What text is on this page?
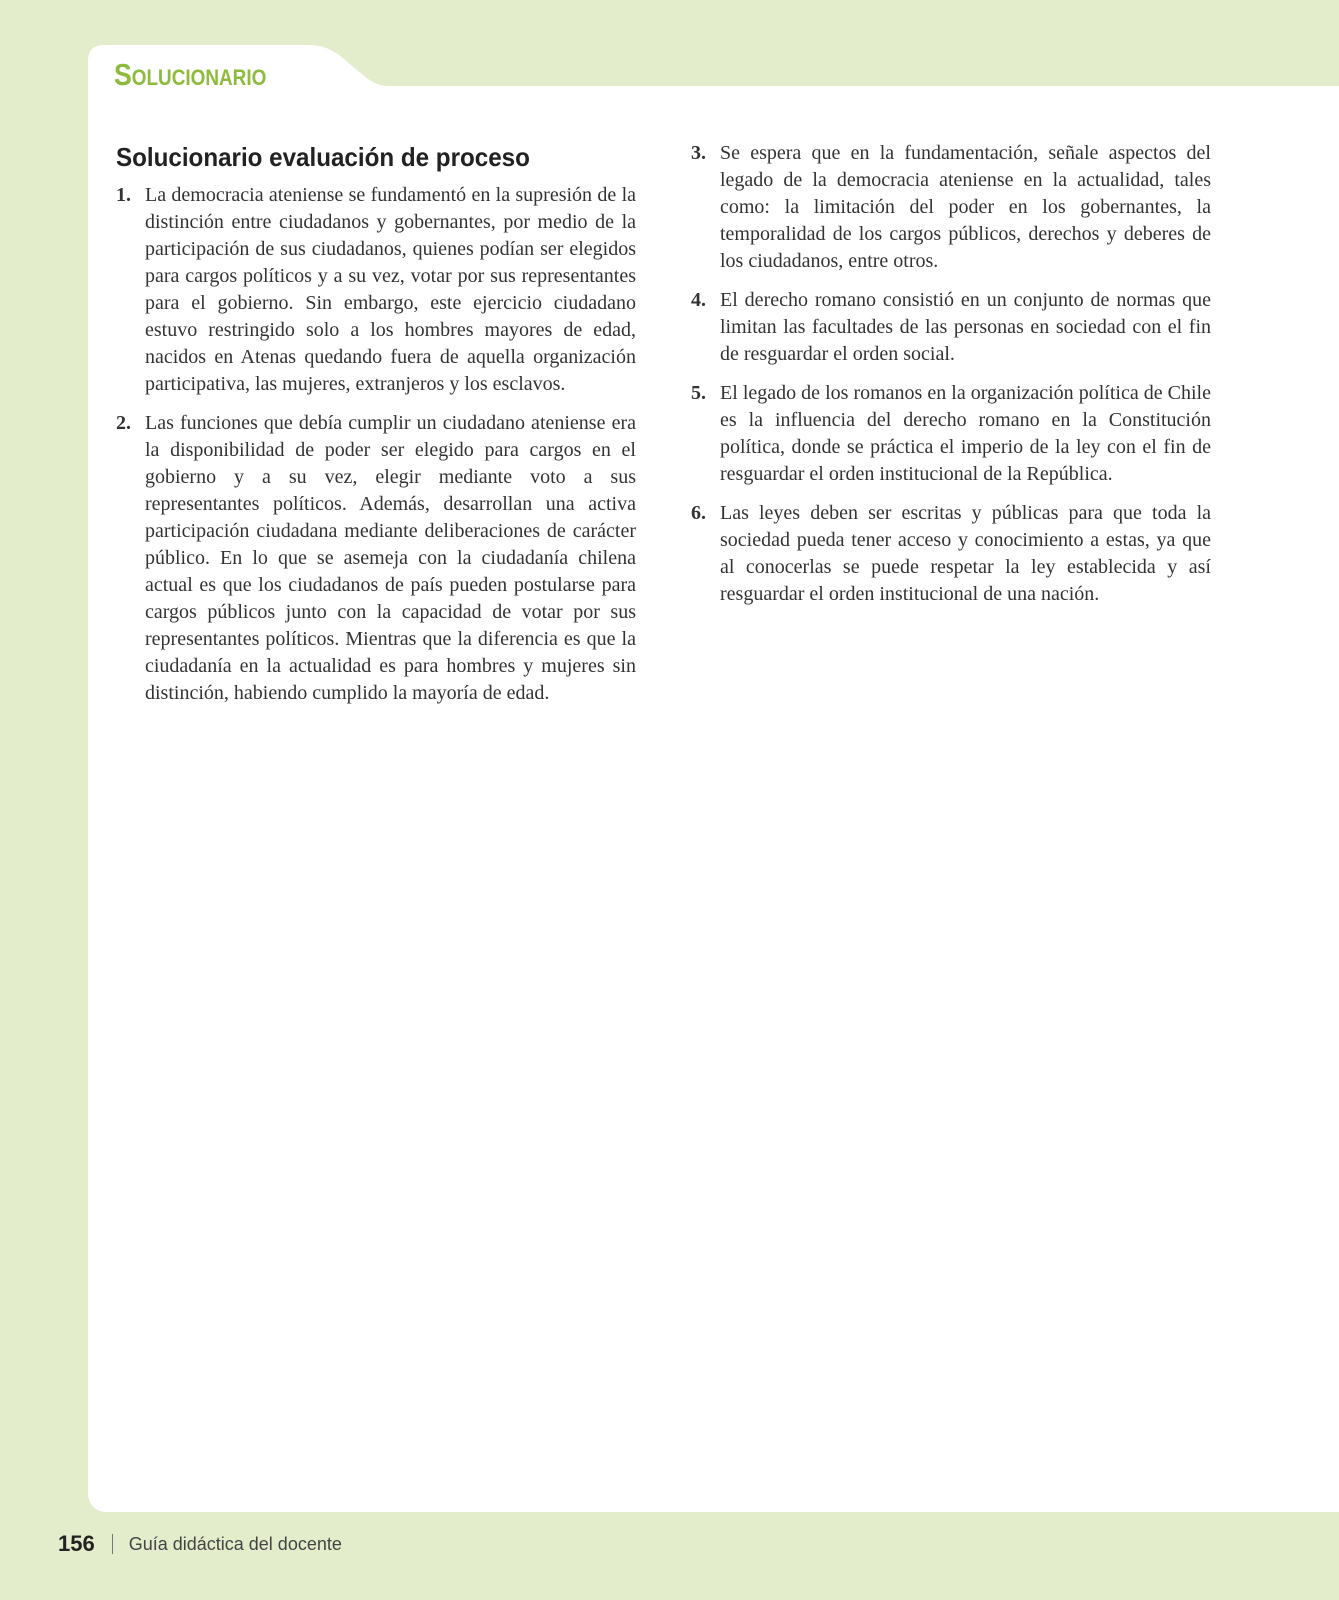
Solucionario
Solucionario evaluación de proceso
1. La democracia ateniense se fundamentó en la supresión de la distinción entre ciudadanos y gobernantes, por medio de la participación de sus ciudadanos, quienes podían ser elegidos para cargos políticos y a su vez, votar por sus representantes para el gobierno. Sin embargo, este ejercicio ciudadano estuvo restringido solo a los hombres mayores de edad, nacidos en Atenas quedando fuera de aquella organización participativa, las mujeres, extranjeros y los esclavos.
2. Las funciones que debía cumplir un ciudadano ateniense era la disponibilidad de poder ser elegido para cargos en el gobierno y a su vez, elegir mediante voto a sus representantes políticos. Además, desarrollan una activa participación ciudadana mediante deliberaciones de carácter público. En lo que se asemeja con la ciudadanía chilena actual es que los ciudadanos de país pueden postularse para cargos públicos junto con la capacidad de votar por sus representantes políticos. Mientras que la diferencia es que la ciudadanía en la actualidad es para hombres y mujeres sin distinción, habiendo cumplido la mayoría de edad.
3. Se espera que en la fundamentación, señale aspectos del legado de la democracia ateniense en la actualidad, tales como: la limitación del poder en los gobernantes, la temporalidad de los cargos públicos, derechos y deberes de los ciudadanos, entre otros.
4. El derecho romano consistió en un conjunto de normas que limitan las facultades de las personas en sociedad con el fin de resguardar el orden social.
5. El legado de los romanos en la organización política de Chile es la influencia del derecho romano en la Constitución política, donde se práctica el imperio de la ley con el fin de resguardar el orden institucional de la República.
6. Las leyes deben ser escritas y públicas para que toda la sociedad pueda tener acceso y conocimiento a estas, ya que al conocerlas se puede respetar la ley establecida y así resguardar el orden institucional de una nación.
156 Guía didáctica del docente
